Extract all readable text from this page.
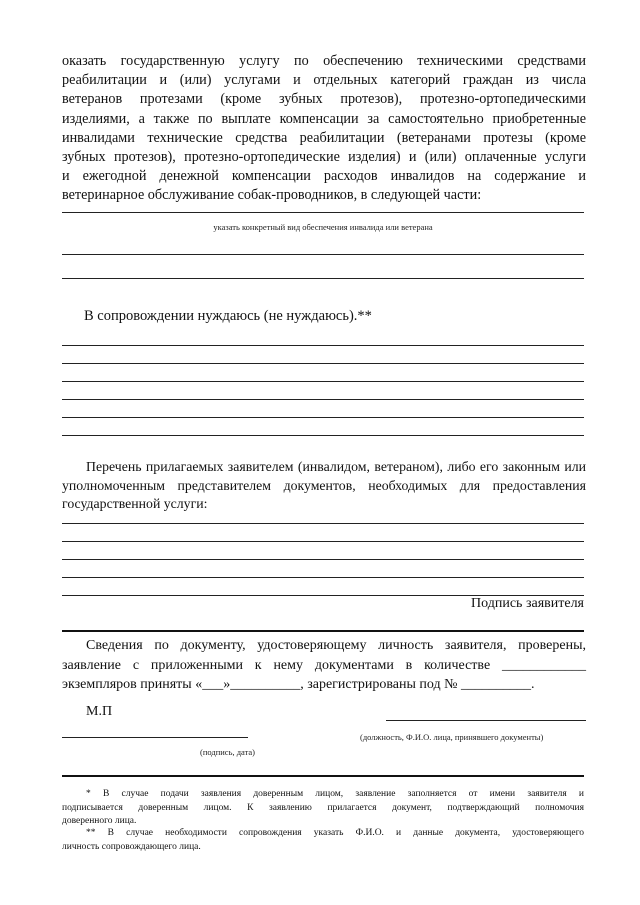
оказать государственную услугу по обеспечению техническими средствами
реабилитации и (или) услугами и отдельных категорий граждан из числа
ветеранов протезами (кроме зубных протезов), протезно-ортопедическими
изделиями, а также по выплате компенсации за самостоятельно приобретенные
инвалидами технические средства реабилитации (ветеранами протезы (кроме
зубных протезов), протезно-ортопедические изделия) и (или) оплаченные услуги
и ежегодной денежной компенсации расходов инвалидов на содержание и
ветеринарное обслуживание собак-проводников, в следующей части:
указать конкретный вид обеспечения инвалида или ветерана
В сопровождении нуждаюсь (не нуждаюсь).**
Перечень прилагаемых заявителем (инвалидом, ветераном), либо его законным или
уполномоченным представителем документов, необходимых для предоставления
государственной услуги:
Подпись заявителя
Сведения по документу, удостоверяющему личность заявителя, проверены,
заявление с приложенными к нему документами в количестве ____________
экземпляров приняты «___»__________, зарегистрированы под № __________.
М.П
(должность, Ф.И.О. лица, принявшего документы)
(подпись, дата)
* В случае подачи заявления доверенным лицом, заявление заполняется от имени заявителя и
подписывается доверенным лицом. К заявлению прилагается документ, подтверждающий полномочия
доверенного лица.
** В случае необходимости сопровождения указать Ф.И.О. и данные документа, удостоверяющего
личность сопровождающего лица.
